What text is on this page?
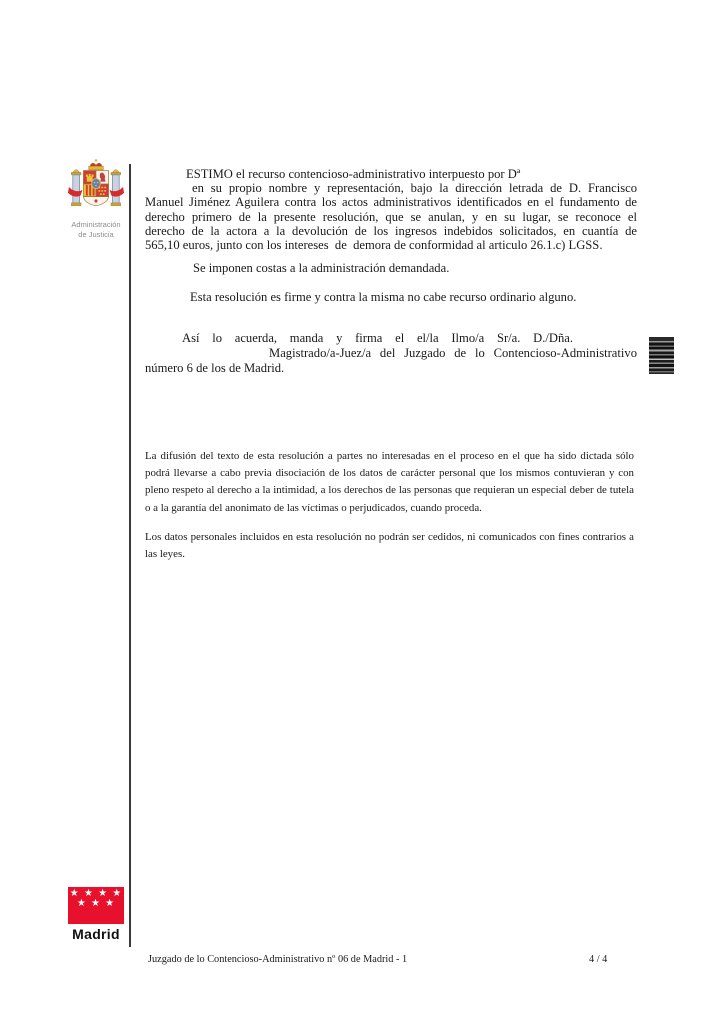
Administración
de Justicia
ESTIMO el recurso contencioso-administrativo interpuesto por Dª
en su propio nombre y representación, bajo la dirección letrada de D. Francisco
Manuel Jiménez Aguilera contra los actos administrativos identificados en el fundamento de
derecho primero de la presente resolución, que se anulan, y en su lugar, se reconoce el
derecho de la actora a la devolución de los ingresos indebidos solicitados, en cuantía de
565,10 euros, junto con los intereses  de  demora de conformidad al articulo 26.1.c) LGSS.
Se imponen costas a la administración demandada.
Esta resolución es firme y contra la misma no cabe recurso ordinario alguno.
Así lo acuerda, manda y firma el el/la Ilmo/a Sr/a. D./Dña.
Magistrado/a-Juez/a del Juzgado de lo Contencioso-Administrativo
número 6 de los de Madrid.
La difusión del texto de esta resolución a partes no interesadas en el proceso en el que ha sido dictada sólo
podrá llevarse a cabo previa disociación de los datos de carácter personal que los mismos contuvieran y con
pleno respeto al derecho a la intimidad, a los derechos de las personas que requieran un especial deber de tutela
o a la garantía del anonimato de las víctimas o perjudicados, cuando proceda.
Los datos personales incluidos en esta resolución no podrán ser cedidos, ni comunicados con fines contrarios a
las leyes.
★ ★ ★ ★
★ ★ ★
Madrid
Juzgado de lo Contencioso-Administrativo nº 06 de Madrid - 1	4 / 4
